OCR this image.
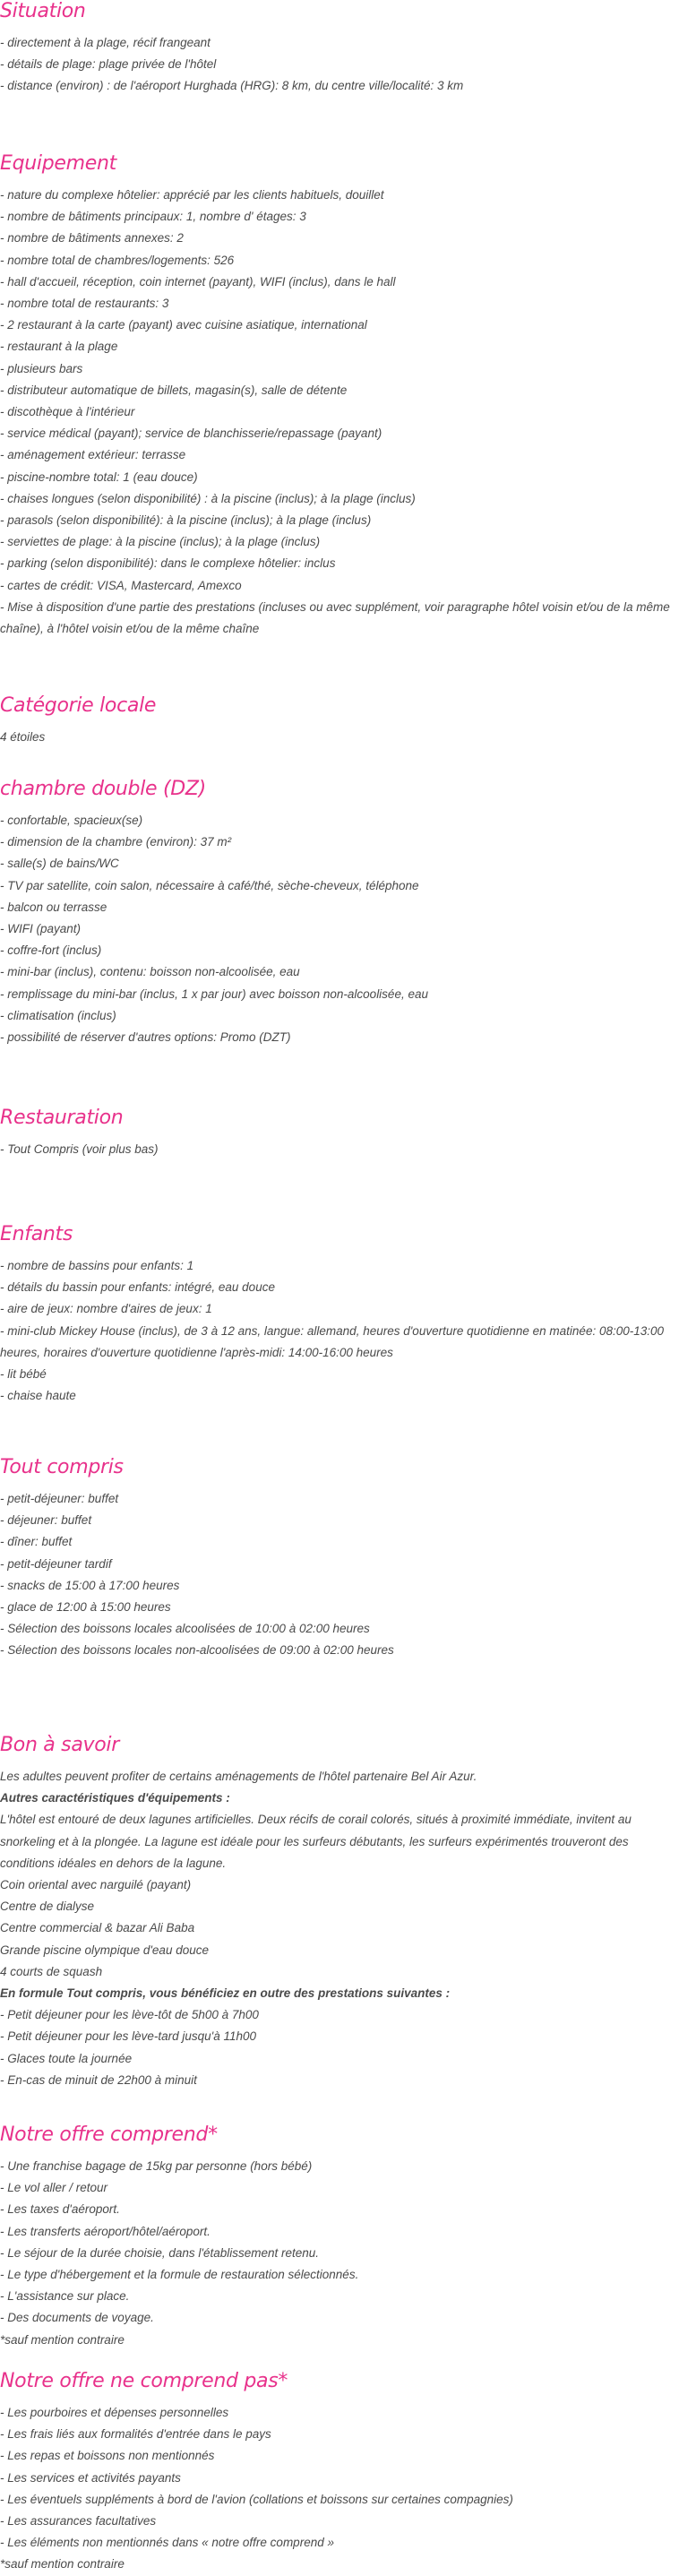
Situation
- directement à la plage, récif frangeant
- détails de plage: plage privée de l'hôtel
- distance (environ) : de l'aéroport Hurghada (HRG): 8 km, du centre ville/localité: 3 km
Equipement
- nature du complexe hôtelier: apprécié par les clients habituels, douillet
- nombre de bâtiments principaux: 1, nombre d' étages: 3
- nombre de bâtiments annexes: 2
- nombre total de chambres/logements: 526
- hall d'accueil, réception, coin internet (payant), WIFI (inclus), dans le hall
- nombre total de restaurants: 3
- 2 restaurant à la carte (payant) avec cuisine asiatique, international
- restaurant à la plage
- plusieurs bars
- distributeur automatique de billets, magasin(s), salle de détente
- discothèque à l'intérieur
- service médical (payant); service de blanchisserie/repassage (payant)
- aménagement extérieur: terrasse
- piscine-nombre total: 1 (eau douce)
- chaises longues (selon disponibilité) : à la piscine (inclus); à la plage (inclus)
- parasols (selon disponibilité): à la piscine (inclus); à la plage (inclus)
- serviettes de plage: à la piscine (inclus); à la plage (inclus)
- parking (selon disponibilité): dans le complexe hôtelier: inclus
- cartes de crédit: VISA, Mastercard, Amexco
- Mise à disposition d'une partie des prestations (incluses ou avec supplément, voir paragraphe hôtel voisin et/ou de la même chaîne), à l'hôtel voisin et/ou de la même chaîne
Catégorie locale
4 étoiles
chambre double (DZ)
- confortable, spacieux(se)
- dimension de la chambre (environ): 37 m²
- salle(s) de bains/WC
- TV par satellite, coin salon, nécessaire à café/thé, sèche-cheveux, téléphone
- balcon ou terrasse
- WIFI (payant)
- coffre-fort (inclus)
- mini-bar (inclus), contenu: boisson non-alcoolisée, eau
- remplissage du mini-bar (inclus, 1 x par jour) avec boisson non-alcoolisée, eau
- climatisation (inclus)
- possibilité de réserver d'autres options: Promo (DZT)
Restauration
- Tout Compris (voir plus bas)
Enfants
- nombre de bassins pour enfants: 1
- détails du bassin pour enfants: intégré, eau douce
- aire de jeux: nombre d'aires de jeux: 1
- mini-club Mickey House (inclus), de 3 à 12 ans, langue: allemand, heures d'ouverture quotidienne en matinée: 08:00-13:00 heures, horaires d'ouverture quotidienne l'après-midi: 14:00-16:00 heures
- lit bébé
- chaise haute
Tout compris
- petit-déjeuner: buffet
- déjeuner: buffet
- dîner: buffet
- petit-déjeuner tardif
- snacks de 15:00 à 17:00 heures
- glace de 12:00 à 15:00 heures
- Sélection des boissons locales alcoolisées de 10:00 à 02:00 heures
- Sélection des boissons locales non-alcoolisées de 09:00 à 02:00 heures
Bon à savoir
Les adultes peuvent profiter de certains aménagements de l'hôtel partenaire Bel Air Azur.
Autres caractéristiques d'équipements :
L'hôtel est entouré de deux lagunes artificielles. Deux récifs de corail colorés, situés à proximité immédiate, invitent au snorkeling et à la plongée. La lagune est idéale pour les surfeurs débutants, les surfeurs expérimentés trouveront des conditions idéales en dehors de la lagune.
Coin oriental avec narguilé (payant)
Centre de dialyse
Centre commercial & bazar Ali Baba
Grande piscine olympique d'eau douce
4 courts de squash
En formule Tout compris, vous bénéficiez en outre des prestations suivantes :
- Petit déjeuner pour les lève-tôt de 5h00 à 7h00
- Petit déjeuner pour les lève-tard jusqu'à 11h00
- Glaces toute la journée
- En-cas de minuit de 22h00 à minuit
Notre offre comprend*
- Une franchise bagage de 15kg par personne (hors bébé)
- Le vol aller / retour
- Les taxes d'aéroport.
- Les transferts aéroport/hôtel/aéroport.
- Le séjour de la durée choisie, dans l'établissement retenu.
- Le type d'hébergement et la formule de restauration sélectionnés.
- L'assistance sur place.
- Des documents de voyage.
*sauf mention contraire
Notre offre ne comprend pas*
- Les pourboires et dépenses personnelles
- Les frais liés aux formalités d'entrée dans le pays
- Les repas et boissons non mentionnés
- Les services et activités payants
- Les éventuels suppléments à bord de l'avion (collations et boissons sur certaines compagnies)
- Les assurances facultatives
- Les éléments non mentionnés dans « notre offre comprend »
*sauf mention contraire
